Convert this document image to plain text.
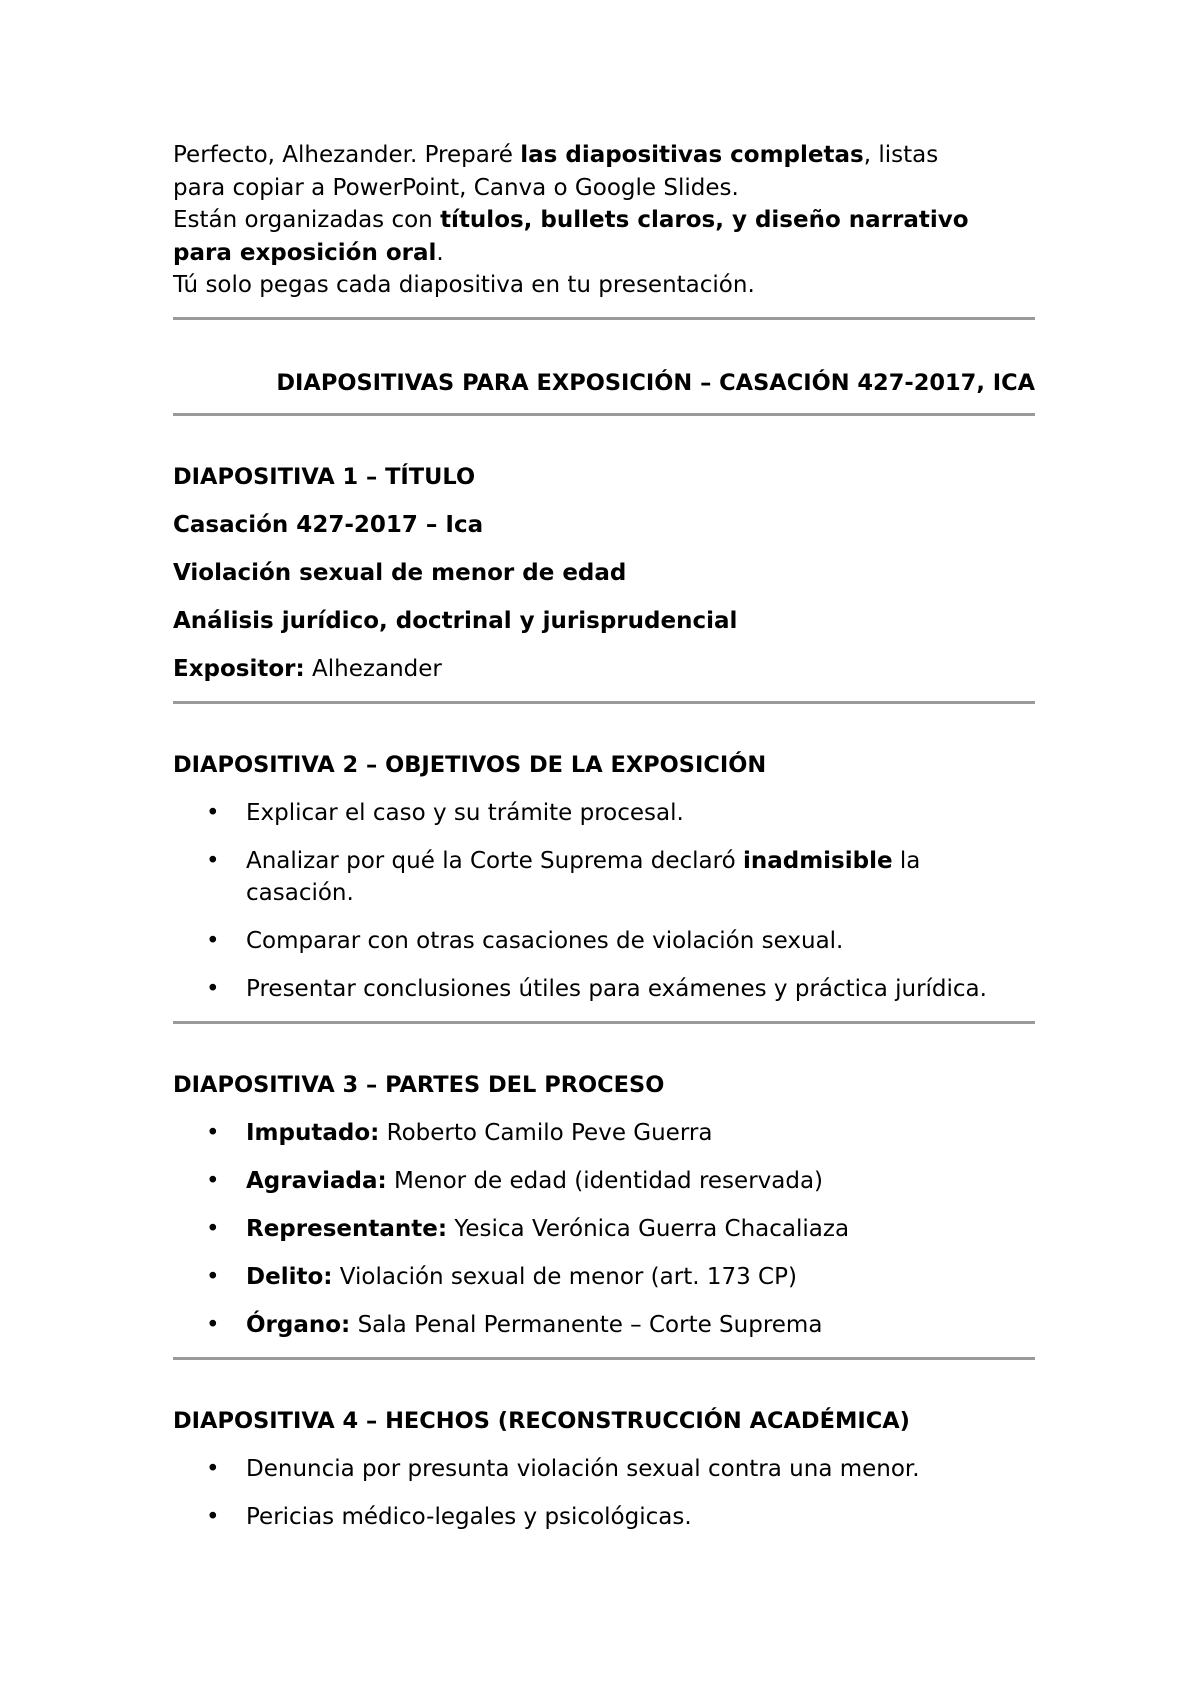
Perfecto, Alhezander. Preparé las diapositivas completas, listas

para copiar a PowerPoint, Canva o Google Slides.

Están organizadas con títulos, bullets claros, y diseño narrativo

para exposición oral.

Tú solo pegas cada diapositiva en tu presentación.

DIAPOSITIVAS PARA EXPOSICIÓN – CASACIÓN 427-2017, ICA
DIAPOSITIVA 1 – TÍTULO
Casación 427-2017 – Ica
Violación sexual de menor de edad
Análisis jurídico, doctrinal y jurisprudencial
Expositor: Alhezander
DIAPOSITIVA 2 – OBJETIVOS DE LA EXPOSICIÓN
• Explicar el caso y su trámite procesal.
• Analizar por qué la Corte Suprema declaró inadmisible la casación.
• Comparar con otras casaciones de violación sexual.
• Presentar conclusiones útiles para exámenes y práctica jurídica.
DIAPOSITIVA 3 – PARTES DEL PROCESO
• Imputado: Roberto Camilo Peve Guerra
• Agraviada: Menor de edad (identidad reservada)
• Representante: Yesica Verónica Guerra Chacaliaza
• Delito: Violación sexual de menor (art. 173 CP)
• Órgano: Sala Penal Permanente – Corte Suprema
DIAPOSITIVA 4 – HECHOS (RECONSTRUCCIÓN ACADÉMICA)
• Denuncia por presunta violación sexual contra una menor.
• Pericias médico-legales y psicológicas.
